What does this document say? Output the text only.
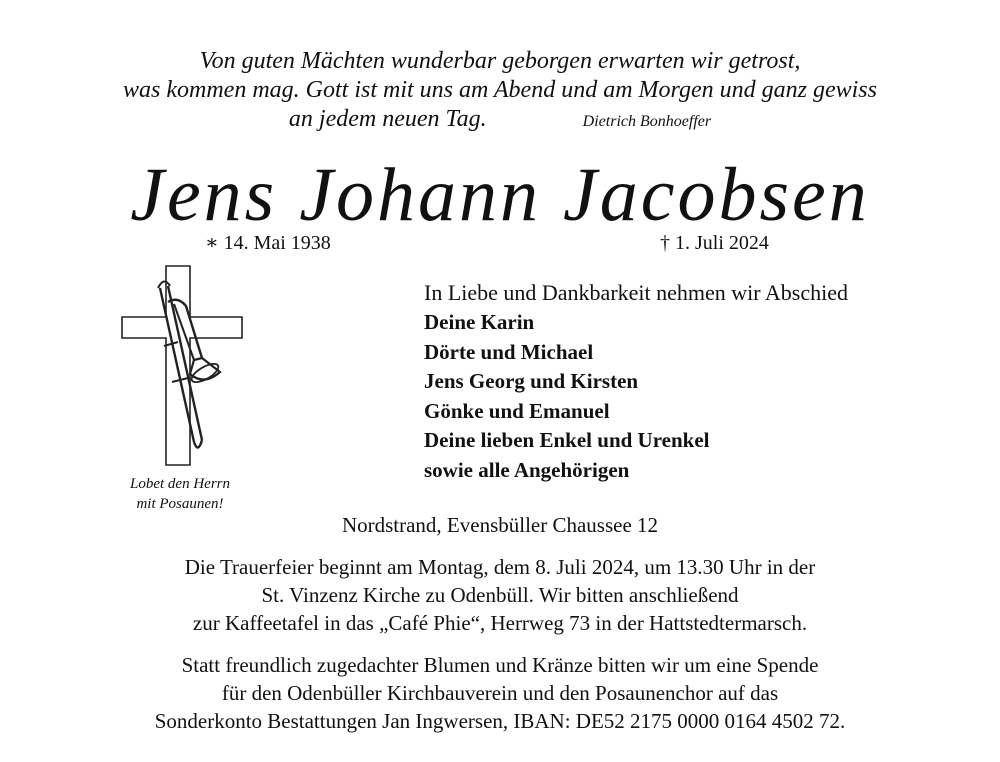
Von guten Mächten wunderbar geborgen erwarten wir getrost,
was kommen mag. Gott ist mit uns am Abend und am Morgen und ganz gewiss
an jedem neuen Tag.	Dietrich Bonhoeffer
Jens Johann Jacobsen
∗ 14. Mai 1938	† 1. Juli 2024
Lobet den Herrn
mit Posaunen!
In Liebe und Dankbarkeit nehmen wir Abschied
Deine Karin
Dörte und Michael
Jens Georg und Kirsten
Gönke und Emanuel
Deine lieben Enkel und Urenkel
sowie alle Angehörigen
Nordstrand, Evensbüller Chaussee 12
Die Trauerfeier beginnt am Montag, dem 8. Juli 2024, um 13.30 Uhr in der
St. Vinzenz Kirche zu Odenbüll. Wir bitten anschließend
zur Kaffeetafel in das „Café Phie“, Herrweg 73 in der Hattstedtermarsch.
Statt freundlich zugedachter Blumen und Kränze bitten wir um eine Spende
für den Odenbüller Kirchbauverein und den Posaunenchor auf das
Sonderkonto Bestattungen Jan Ingwersen, IBAN: DE52 2175 0000 0164 4502 72.
